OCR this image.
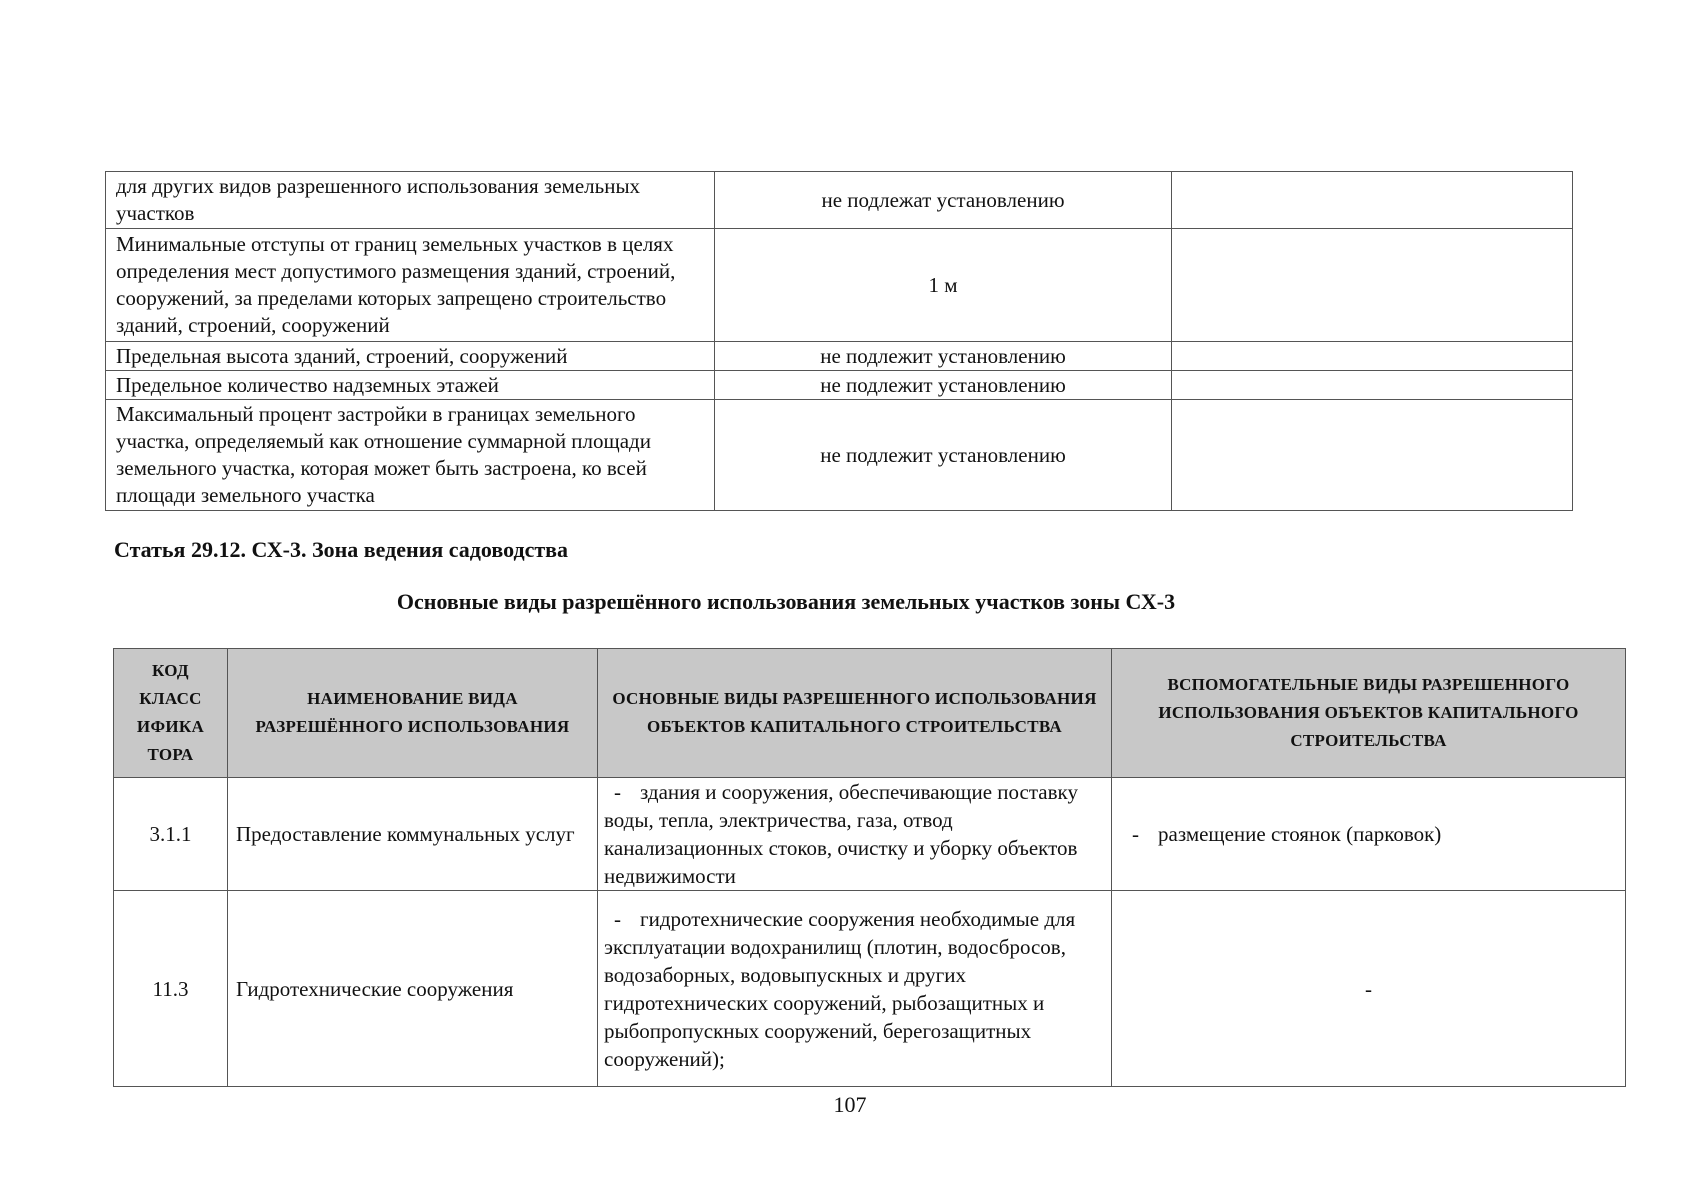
для других видов разрешенного использования земельных участков	не подлежат установлению	
Минимальные отступы от границ земельных участков в целях определения мест допустимого размещения зданий, строений, сооружений, за пределами которых запрещено строительство зданий, строений, сооружений	1 м	
Предельная высота зданий, строений, сооружений	не подлежит установлению	
Предельное количество надземных этажей	не подлежит установлению	
Максимальный процент застройки в границах земельного участка, определяемый как отношение суммарной площади земельного участка, которая может быть застроена, ко всей площади земельного участка	не подлежит установлению	
Статья 29.12. СХ-3. Зона ведения садоводства
Основные виды разрешённого использования земельных участков зоны СХ-3
КОД КЛАСС ИФИКА ТОРА	НАИМЕНОВАНИЕ ВИДА РАЗРЕШЁННОГО ИСПОЛЬЗОВАНИЯ	ОСНОВНЫЕ ВИДЫ РАЗРЕШЕННОГО ИСПОЛЬЗОВАНИЯ ОБЪЕКТОВ КАПИТАЛЬНОГО СТРОИТЕЛЬСТВА	ВСПОМОГАТЕЛЬНЫЕ ВИДЫ РАЗРЕШЕННОГО ИСПОЛЬЗОВАНИЯ ОБЪЕКТОВ КАПИТАЛЬНОГО СТРОИТЕЛЬСТВА
3.1.1	Предоставление коммунальных услуг	- здания и сооружения, обеспечивающие поставку воды, тепла, электричества, газа, отвод канализационных стоков, очистку и уборку объектов недвижимости	- размещение стоянок (парковок)
11.3	Гидротехнические сооружения	- гидротехнические сооружения необходимые для эксплуатации водохранилищ (плотин, водосбросов, водозаборных, водовыпускных и других гидротехнических сооружений, рыбозащитных и рыбопропускных сооружений, берегозащитных сооружений);	-
107
